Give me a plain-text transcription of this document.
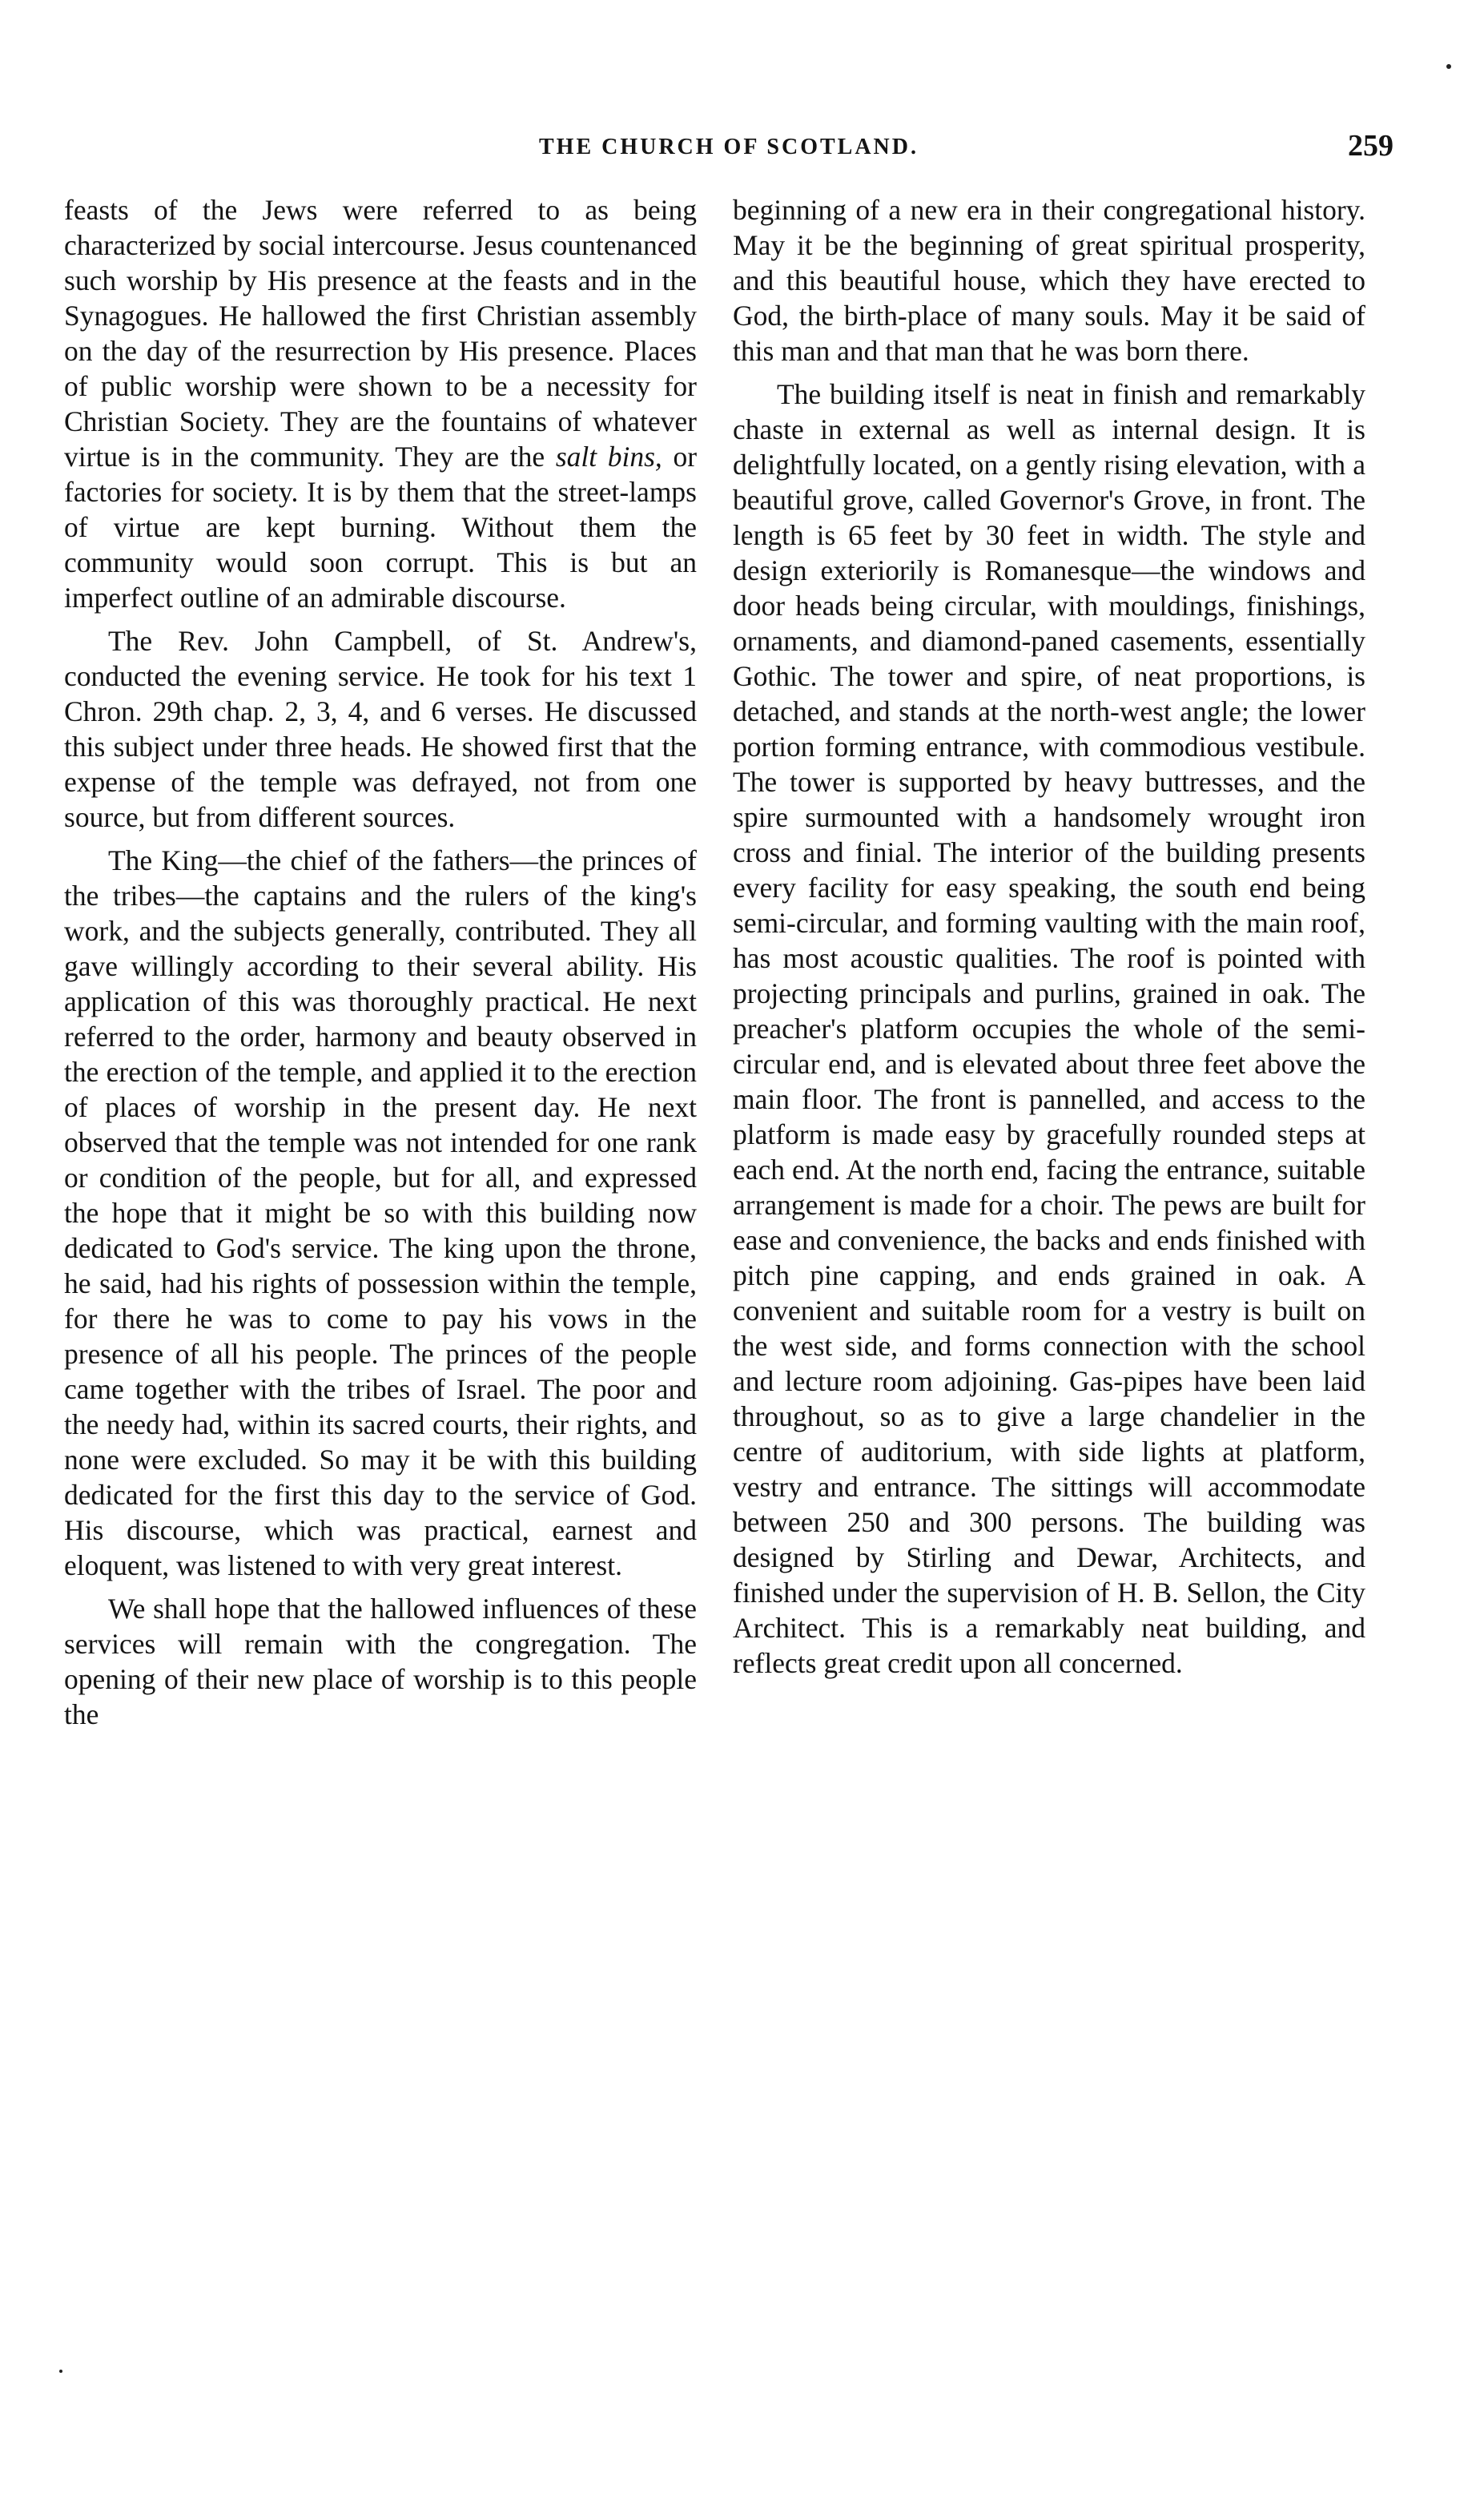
THE CHURCH OF SCOTLAND.	259

feasts of the Jews were referred to as being characterized by social intercourse. Jesus countenanced such worship by His presence at the feasts and in the Synagogues. He hallowed the first Christian assembly on the day of the resurrection by His presence. Places of public worship were shown to be a necessity for Christian Society. They are the fountains of whatever virtue is in the community. They are the salt bins, or factories for society. It is by them that the street-lamps of virtue are kept burning. Without them the community would soon corrupt. This is but an imperfect outline of an admirable discourse.

The Rev. John Campbell, of St. Andrew's, conducted the evening service. He took for his text 1 Chron. 29th chap. 2, 3, 4, and 6 verses. He discussed this subject under three heads. He showed first that the expense of the temple was defrayed, not from one source, but from different sources.

The King—the chief of the fathers—the princes of the tribes—the captains and the rulers of the king's work, and the subjects generally, contributed. They all gave willingly according to their several ability. His application of this was thoroughly practical. He next referred to the order, harmony and beauty observed in the erection of the temple, and applied it to the erection of places of worship in the present day. He next observed that the temple was not intended for one rank or condition of the people, but for all, and expressed the hope that it might be so with this building now dedicated to God's service. The king upon the throne, he said, had his rights of possession within the temple, for there he was to come to pay his vows in the presence of all his people. The princes of the people came together with the tribes of Israel. The poor and the needy had, within its sacred courts, their rights, and none were excluded. So may it be with this building dedicated for the first this day to the service of God. His discourse, which was practical, earnest and eloquent, was listened to with very great interest.

We shall hope that the hallowed influences of these services will remain with the congregation. The opening of their new place of worship is to this people the

beginning of a new era in their congregational history. May it be the beginning of great spiritual prosperity, and this beautiful house, which they have erected to God, the birth-place of many souls. May it be said of this man and that man that he was born there.

The building itself is neat in finish and remarkably chaste in external as well as internal design. It is delightfully located, on a gently rising elevation, with a beautiful grove, called Governor's Grove, in front. The length is 65 feet by 30 feet in width. The style and design exteriorily is Romanesque—the windows and door heads being circular, with mouldings, finishings, ornaments, and diamond-paned casements, essentially Gothic. The tower and spire, of neat proportions, is detached, and stands at the north-west angle; the lower portion forming entrance, with commodious vestibule. The tower is supported by heavy buttresses, and the spire surmounted with a handsomely wrought iron cross and finial. The interior of the building presents every facility for easy speaking, the south end being semi-circular, and forming vaulting with the main roof, has most acoustic qualities. The roof is pointed with projecting principals and purlins, grained in oak. The preacher's platform occupies the whole of the semi-circular end, and is elevated about three feet above the main floor. The front is pannelled, and access to the platform is made easy by gracefully rounded steps at each end. At the north end, facing the entrance, suitable arrangement is made for a choir. The pews are built for ease and convenience, the backs and ends finished with pitch pine capping, and ends grained in oak. A convenient and suitable room for a vestry is built on the west side, and forms connection with the school and lecture room adjoining. Gas-pipes have been laid throughout, so as to give a large chandelier in the centre of auditorium, with side lights at platform, vestry and entrance. The sittings will accommodate between 250 and 300 persons. The building was designed by Stirling and Dewar, Architects, and finished under the supervision of H. B. Sellon, the City Architect. This is a remarkably neat building, and reflects great credit upon all concerned.
